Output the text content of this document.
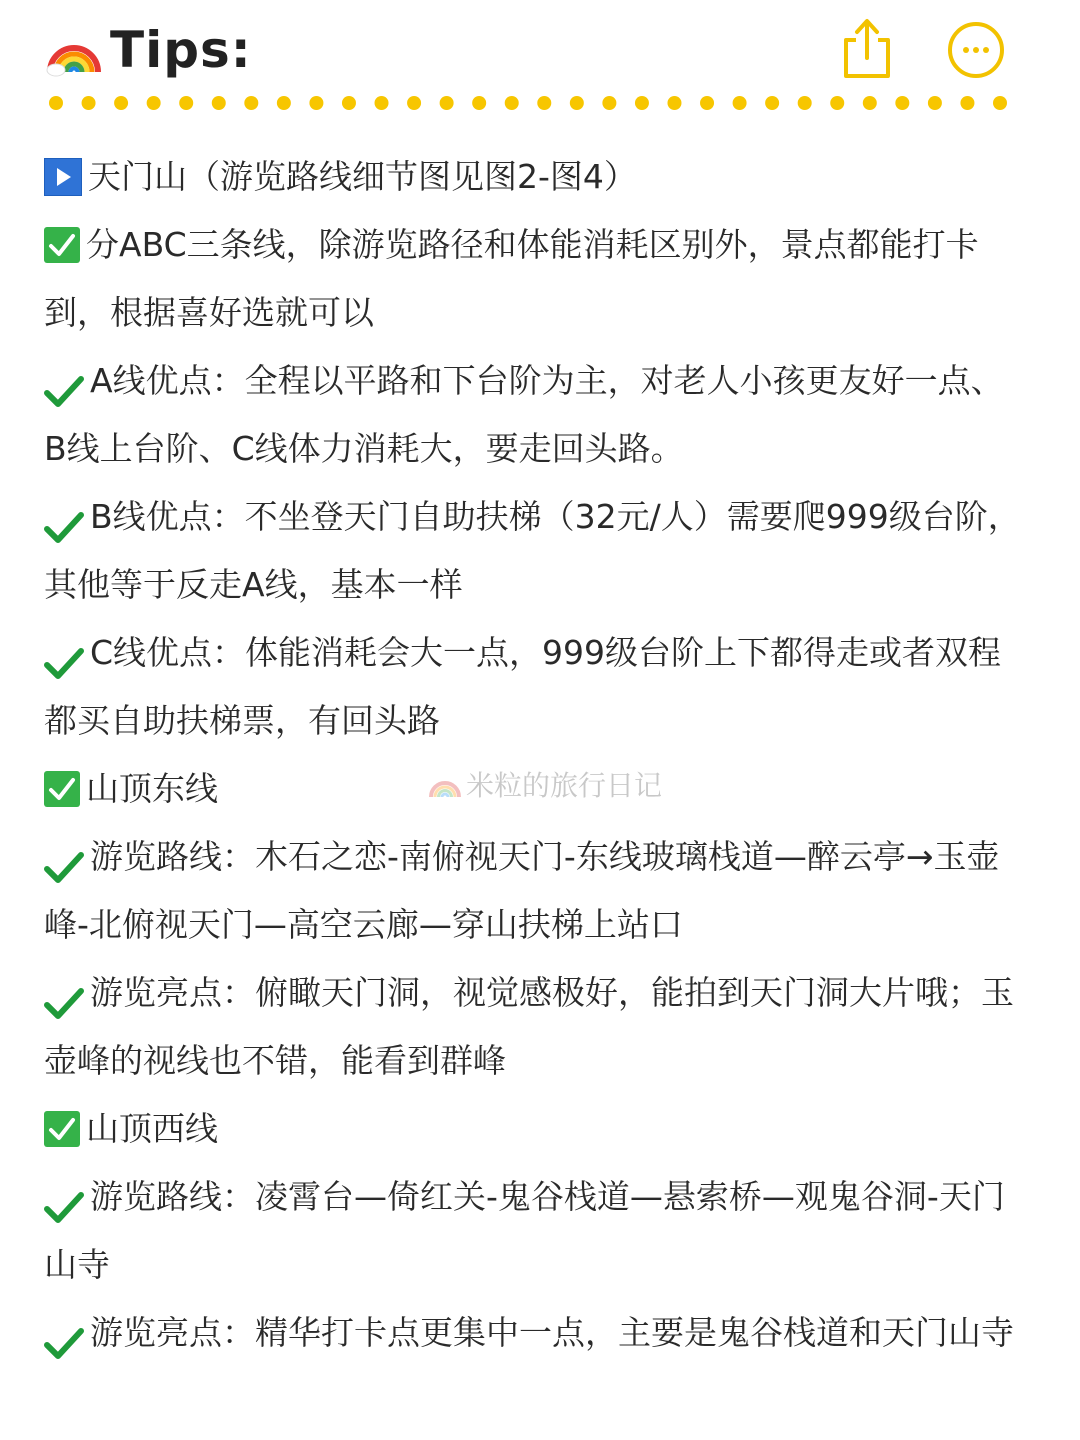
Tips:
天门山（游览路线细节图见图2-图4）
分ABC三条线，除游览路径和体能消耗区别外，景点都能打卡
到，根据喜好选就可以
A线优点：全程以平路和下台阶为主，对老人小孩更友好一点、
B线上台阶、C线体力消耗大，要走回头路。
B线优点：不坐登天门自助扶梯（32元/人）需要爬999级台阶，
其他等于反走A线，基本一样
C线优点：体能消耗会大一点，999级台阶上下都得走或者双程
都买自助扶梯票，有回头路
山顶东线
游览路线：木石之恋-南俯视天门-东线玻璃栈道—醉云亭→玉壶
峰-北俯视天门—高空云廊—穿山扶梯上站口
游览亮点：俯瞰天门洞，视觉感极好，能拍到天门洞大片哦；玉
壶峰的视线也不错，能看到群峰
山顶西线
游览路线：凌霄台—倚红关-鬼谷栈道—悬索桥—观鬼谷洞-天门
山寺
游览亮点：精华打卡点更集中一点，主要是鬼谷栈道和天门山寺
米粒的旅行日记
